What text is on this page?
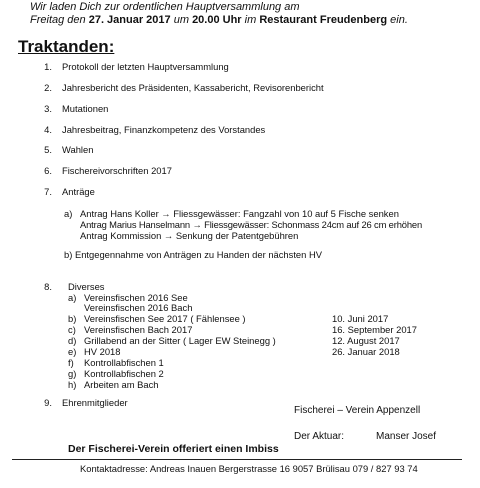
Wir laden Dich zur ordentlichen Hauptversammlung am
Freitag den 27. Januar 2017 um 20.00 Uhr im Restaurant Freudenberg ein.
Traktanden:
1. Protokoll der letzten Hauptversammlung
2. Jahresbericht des Präsidenten, Kassabericht, Revisorenbericht
3. Mutationen
4. Jahresbeitrag, Finanzkompetenz des Vorstandes
5. Wahlen
6. Fischereivorschriften 2017
7. Anträge
a) Antrag Hans Koller → Fliessgewässer: Fangzahl von 10 auf 5 Fische senken
Antrag Marius Hanselmann → Fliessgewässer: Schonmass 24cm auf 26 cm erhöhen
Antrag Kommission → Senkung der Patentgebühren
b) Entgegennahme von Anträgen zu Handen der nächsten HV
8. Diverses
a) Vereinsfischen 2016 See
Vereinsfischen 2016 Bach
b) Vereinsfischen See 2017 ( Fählensee )
c) Vereinsfischen Bach 2017
d) Grillabend an der Sitter ( Lager EW Steinegg )
e) HV 2018
f) Kontrollabfischen 1
g) Kontrollabfischen 2
h) Arbeiten am Bach
10. Juni 2017
16. September 2017
12. August 2017
26. Januar 2018
9. Ehrenmitglieder
Fischerei – Verein Appenzell
Der Aktuar:	Manser Josef
Der Fischerei-Verein offeriert einen Imbiss
Kontaktadresse: Andreas Inauen Bergerstrasse 16 9057 Brülisau 079 / 827 93 74
